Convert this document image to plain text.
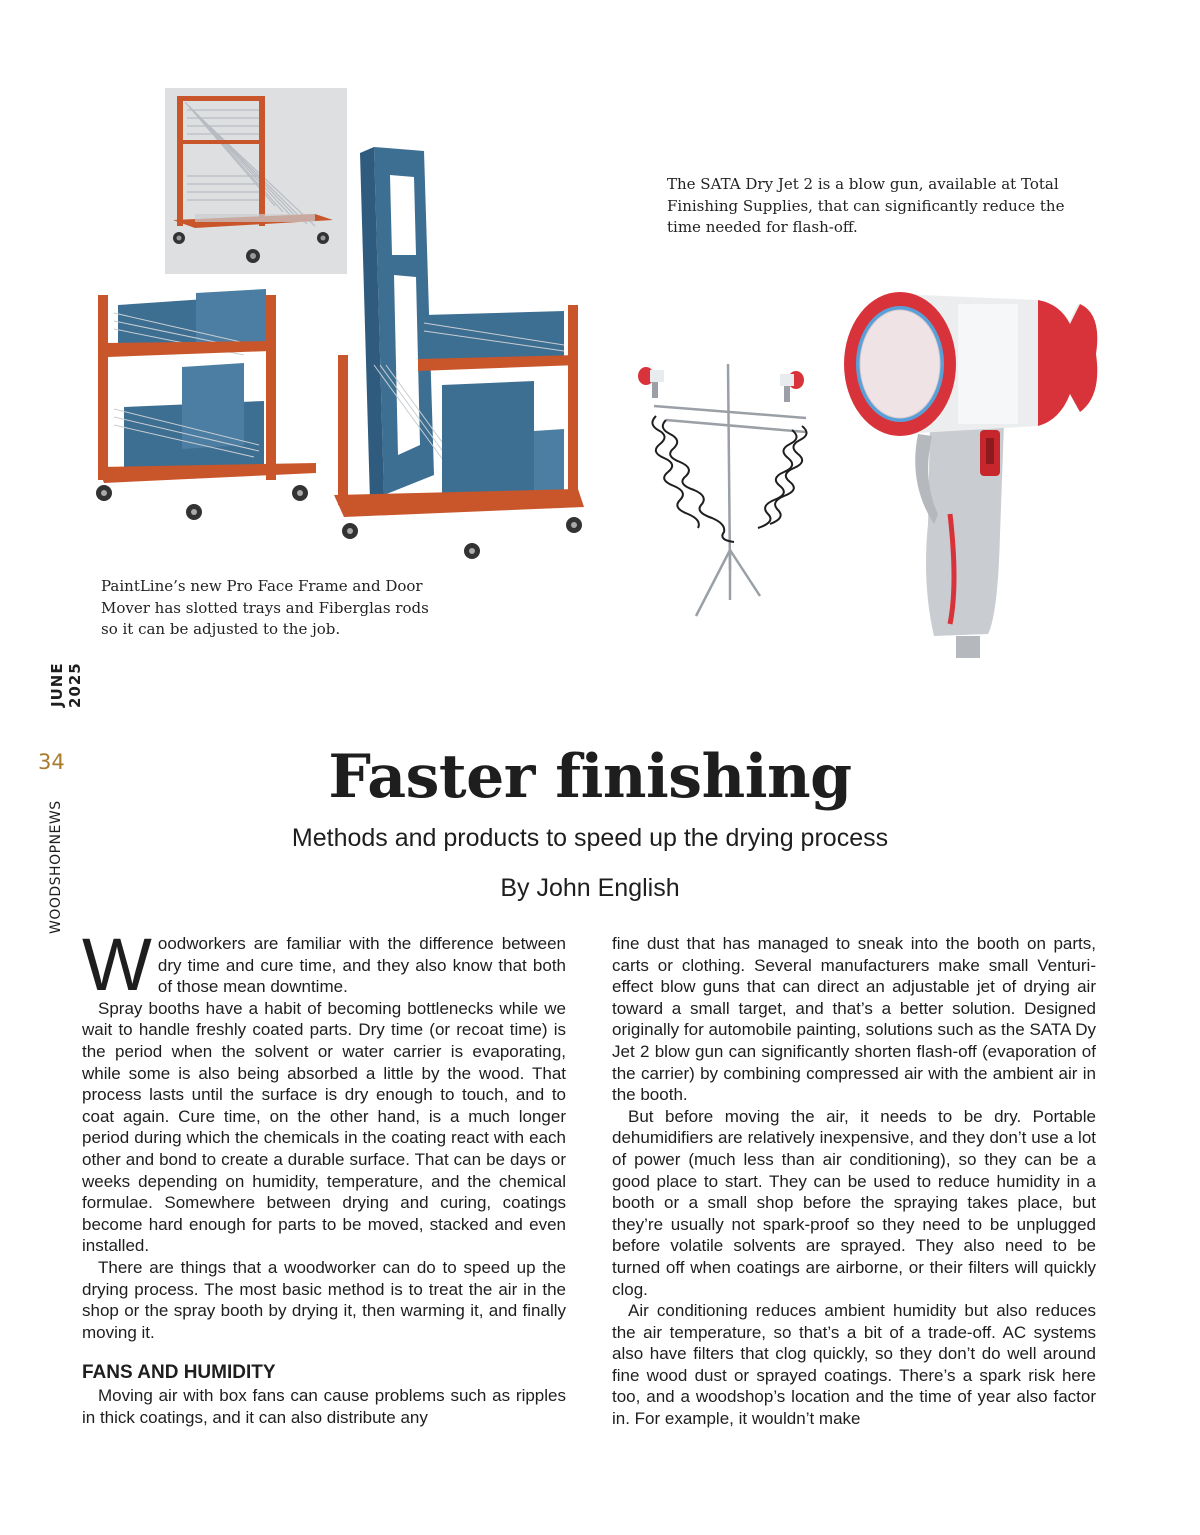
JUNE 2025
34
WOODSHOPNEWS
PaintLine’s new Pro Face Frame and Door Mover has slotted trays and Fiberglas rods so it can be adjusted to the job.
The SATA Dry Jet 2 is a blow gun, available at Total Finishing Supplies, that can significantly reduce the time needed for flash-off.
Faster finishing
Methods and products to speed up the drying process
By John English

Woodworkers are familiar with the difference between dry time and cure time, and they also know that both of those mean downtime.

Spray booths have a habit of becoming bottlenecks while we wait to handle freshly coated parts. Dry time (or recoat time) is the period when the solvent or water carrier is evaporating, while some is also being absorbed a little by the wood. That process lasts until the surface is dry enough to touch, and to coat again. Cure time, on the other hand, is a much longer period during which the chemicals in the coating react with each other and bond to create a durable surface. That can be days or weeks depending on humidity, temperature, and the chemical formulae. Somewhere between drying and curing, coatings become hard enough for parts to be moved, stacked and even installed.

There are things that a woodworker can do to speed up the drying process. The most basic method is to treat the air in the shop or the spray booth by drying it, then warming it, and finally moving it.

FANS AND HUMIDITY

Moving air with box fans can cause problems such as ripples in thick coatings, and it can also distribute any

fine dust that has managed to sneak into the booth on parts, carts or clothing. Several manufacturers make small Venturi-effect blow guns that can direct an adjustable jet of drying air toward a small target, and that’s a better solution. Designed originally for automobile painting, solutions such as the SATA Dy Jet 2 blow gun can significantly shorten flash-off (evaporation of the carrier) by combining compressed air with the ambient air in the booth.

But before moving the air, it needs to be dry. Portable dehumidifiers are relatively inexpensive, and they don’t use a lot of power (much less than air conditioning), so they can be a good place to start. They can be used to reduce humidity in a booth or a small shop before the spraying takes place, but they’re usually not spark-proof so they need to be unplugged before volatile solvents are sprayed. They also need to be turned off when coatings are airborne, or their filters will quickly clog.

Air conditioning reduces ambient humidity but also reduces the air temperature, so that’s a bit of a trade-off. AC systems also have filters that clog quickly, so they don’t do well around fine wood dust or sprayed coatings. There’s a spark risk here too, and a woodshop’s location and the time of year also factor in. For example, it wouldn’t make
